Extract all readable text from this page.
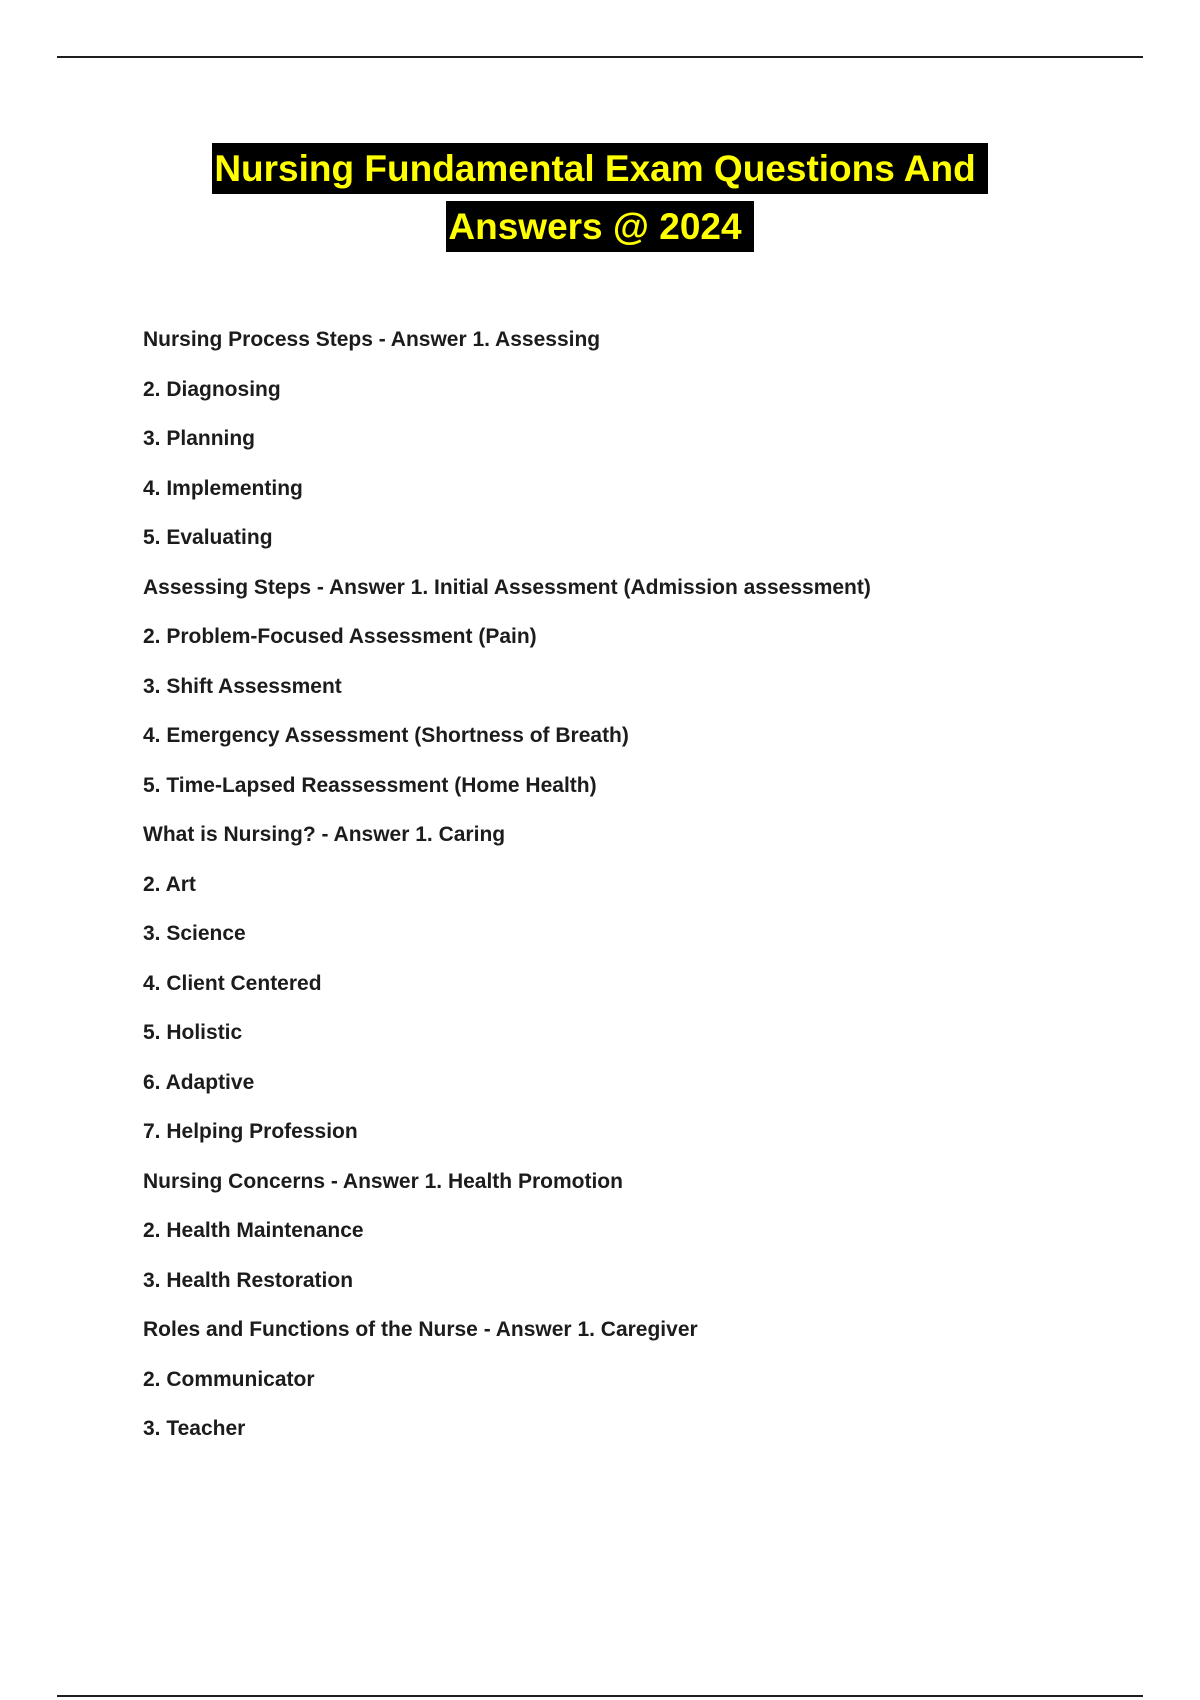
Nursing Fundamental Exam Questions And
Answers @ 2024
Nursing Process Steps - Answer 1. Assessing
2. Diagnosing
3. Planning
4. Implementing
5. Evaluating
Assessing Steps - Answer 1. Initial Assessment (Admission assessment)
2. Problem-Focused Assessment (Pain)
3. Shift Assessment
4. Emergency Assessment (Shortness of Breath)
5. Time-Lapsed Reassessment (Home Health)
What is Nursing? - Answer 1. Caring
2. Art
3. Science
4. Client Centered
5. Holistic
6. Adaptive
7. Helping Profession
Nursing Concerns - Answer 1. Health Promotion
2. Health Maintenance
3. Health Restoration
Roles and Functions of the Nurse - Answer 1. Caregiver
2. Communicator
3. Teacher
